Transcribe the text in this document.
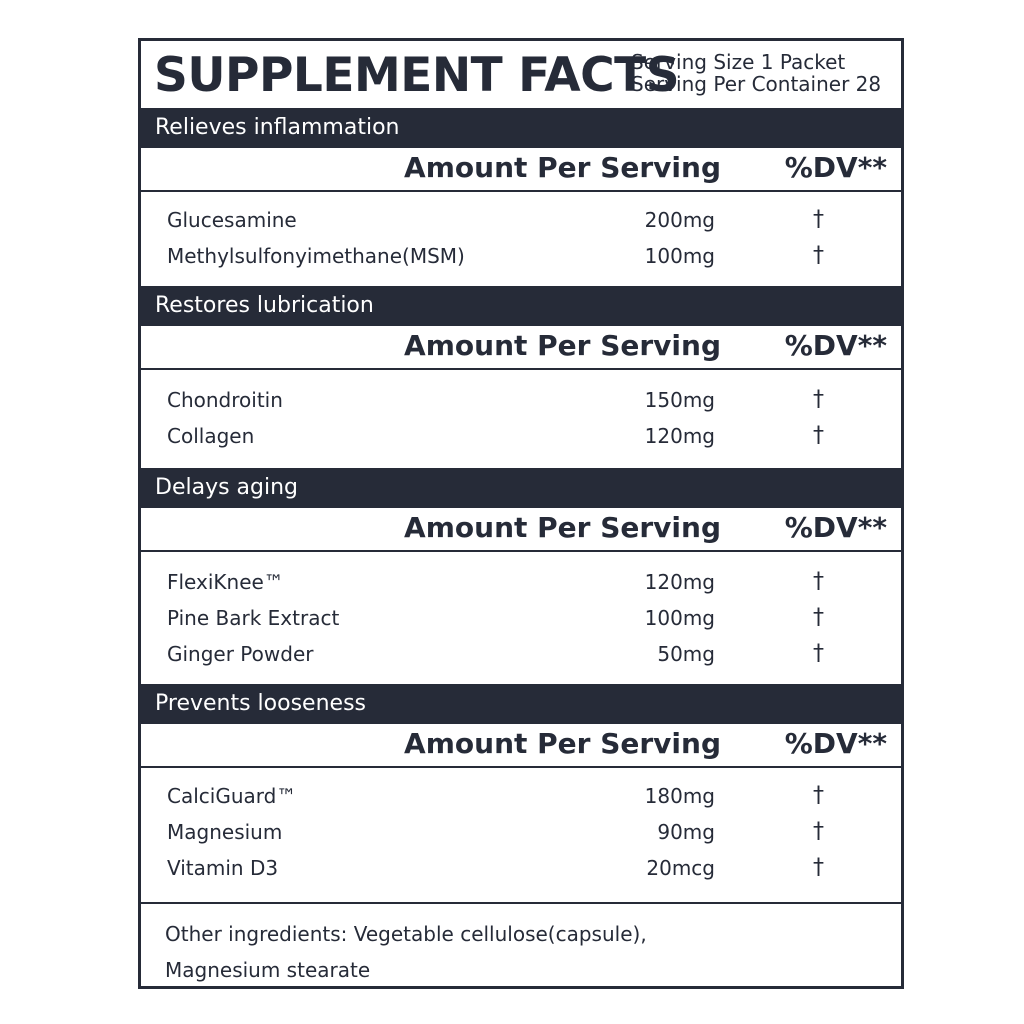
SUPPLEMENT FACTS
Serving Size 1 Packet
Serving Per Container 28
Relieves inflammation
Amount Per Serving %DV**
Glucesamine	200mg	†
Methylsulfonyimethane(MSM)	100mg	†
Restores lubrication
Amount Per Serving %DV**
Chondroitin	150mg	†
Collagen	120mg	†
Delays aging
Amount Per Serving %DV**
FlexiKnee™	120mg	†
Pine Bark Extract	100mg	†
Ginger Powder	50mg	†
Prevents looseness
Amount Per Serving %DV**
CalciGuard™	180mg	†
Magnesium	90mg	†
Vitamin D3	20mcg	†
Other ingredients: Vegetable cellulose(capsule),
Magnesium stearate
